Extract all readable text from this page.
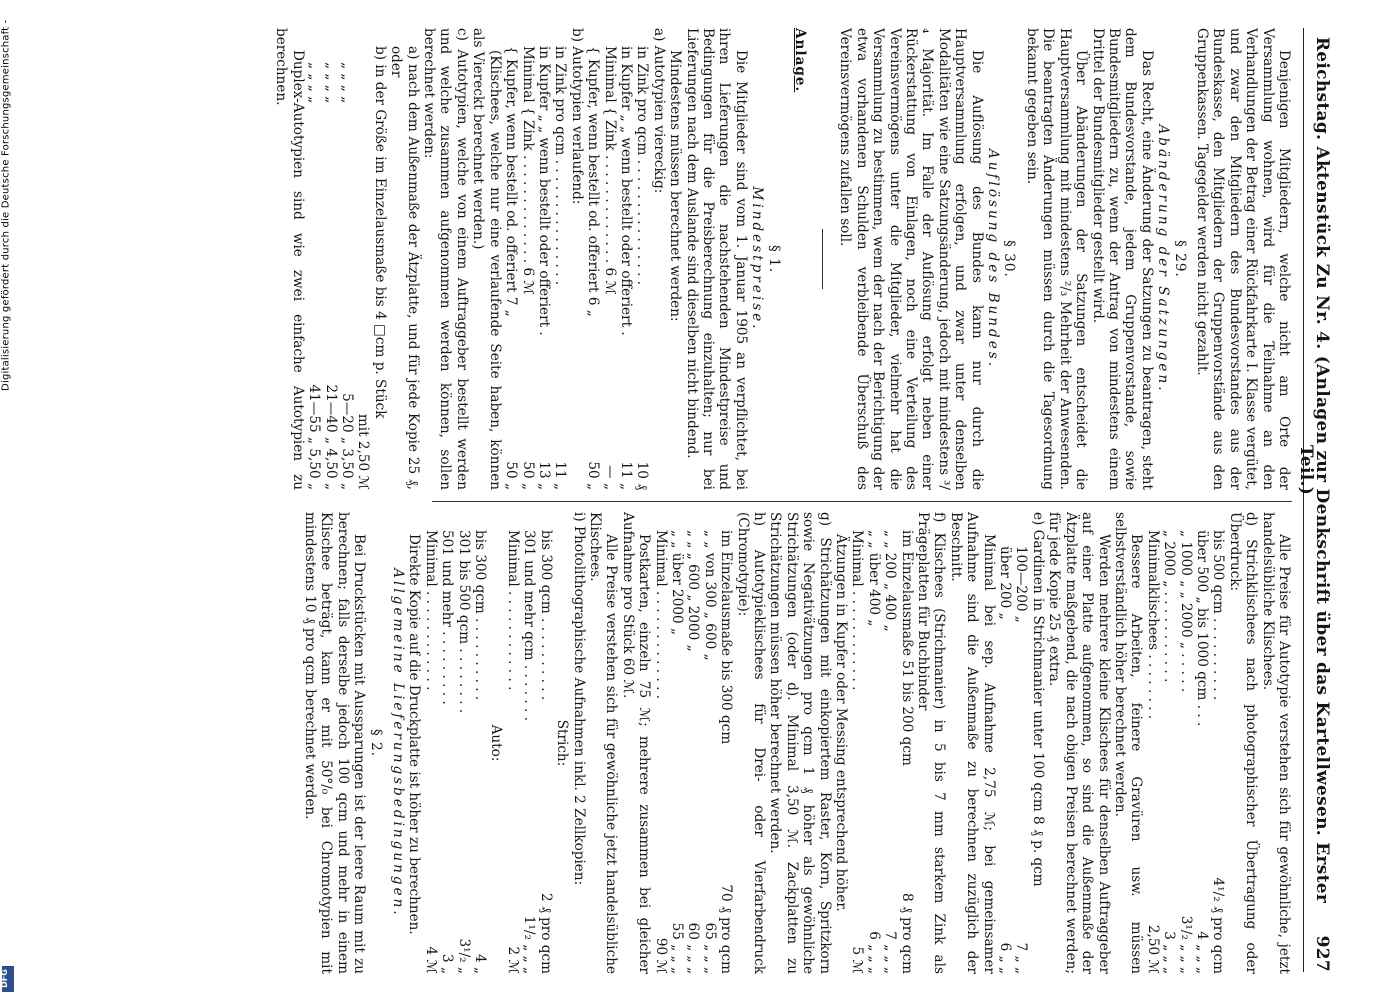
Digitalisierung gefördert durch die Deutsche Forschungsgemeinschaft -
DFG
Reichstag. Aktenstück Zu Nr. 4. (Anlagen zur Denkschrift über das Kartellwesen. Erster Teil.)
927

Denjenigen Mitgliedern, welche nicht am Orte der Versammlung wohnen, wird für die Teilnahme an den Verhandlungen der Betrag einer Rückfahrkarte I. Klasse vergütet, und zwar den Mitgliedern des Bundesvorstandes aus der Bundeskasse, den Mitgliedern der Gruppenvorstände aus den Gruppenkassen. Tagegelder werden nicht gezahlt.

§ 29.

Abänderung der Satzungen.

Das Recht, eine Änderung der Satzungen zu beantragen, steht dem Bundesvorstande, jedem Gruppenvorstande, sowie Bundesmitgliedern zu, wenn der Antrag von mindestens einem Drittel der Bundesmitglieder gestellt wird.

Über Abänderungen der Satzungen entscheidet die Hauptversammlung mit mindestens ²/₃ Mehrheit der Anwesenden. Die beantragten Änderungen müssen durch die Tagesordnung bekannt gegeben sein.

§ 30.

Auflösung des Bundes.

Die Auflösung des Bundes kann nur durch die Hauptversammlung erfolgen, und zwar unter denselben Modalitäten wie eine Satzungsänderung, jedoch mit mindestens ³/₄ Majorität. Im Falle der Auflösung erfolgt neben einer Rückerstattung von Einlagen, noch eine Verteilung des Vereinsvermögens unter die Mitglieder, vielmehr hat die Versammlung zu bestimmen, wem der nach der Berichtigung der etwa vorhandenen Schulden verbleibende Überschuß des Vereinsvermögens zufallen soll.

Anlage.

§ 1.

Mindestpreise.

Die Mitglieder sind vom 1. Januar 1905 an verpflichtet, bei ihren Lieferungen die nachstehenden Mindestpreise und Bedingungen für die Preisberechnung einzuhalten; nur bei Lieferungen nach dem Auslande sind dieselben nicht bindend.

Mindestens müssen berechnet werden:

a) Autotypien viereckig:

in Zink pro qcm . . . . . . . . . . . . . . .
10 ₰
in Kupfer „ „ wenn bestellt oder offeriert .
11 „
Minimal { Zink . . . . . . . . . . . . . 6 ℳ
— „
{ Kupfer, wenn bestellt od. offeriert 6 „
50 „

b) Autotypien verlaufend:

in Zink pro qcm . . . . . . . . . . . . . . .
11 „
in Kupfer „ „ wenn bestellt oder offeriert .
13 „
Minimal { Zink . . . . . . . . . . . . . 6 ℳ
50 „
{ Kupfer, wenn bestellt od. offeriert 7 „
50 „

(Klischees, welche nur eine verlaufende Seite haben, können als Viereckt berechnet werden.)

c) Autotypien, welche von einem Auftraggeber bestellt werden und welche zusammen aufgenommen werden können, sollen berechnet werden:

a) nach dem Außenmaße der Ätzplatte, und für jede Kopie 25 ₰, oder

b) in der Größe im Einzelausmaße bis 4 □cm p. Stück

mit 2,50 ℳ
„ „ „ „
5—20 „ 3,50 „
„ „ „ „
21—40 „ 4,50 „
„ „ „ „
41—55 „ 5,50 „

Duplex-Autotypien sind wie zwei einfache Autotypien zu berechnen.

Alle Preise für Autotypie verstehen sich für gewöhnliche, jetzt handelsübliche Klischees.

d) Strichklischees nach photographischer Übertragung oder Überdruck:

bis 500 qcm . . . . . . . . . .
4¹/₂ ₰ pro qcm
über 500 „ bis 1000 qcm . . .
4 „ „ „
„ 1000 „ „ 2000 „ . . . . .
3¹/₂ „ „ „
„ 2000 „ . . . . . . . . . . .
3 „ „ „
Minimalklischees . . . . . . . .
2,50 ℳ

Bessere Arbeiten, feinere Gravüren usw. müssen selbstverständlich höher berechnet werden.

Werden mehrere kleine Klischees für denselben Auftraggeber auf einer Platte aufgenommen, so sind die Außenmaße der Ätzplatte maßgebend, die nach obigen Preisen berechnet werden; für jede Kopie 25 ₰ extra.

e) Gardinen in Strichmanier unter 100 qcm 8 ₰ p. qcm

100—200 „
7 „ „
über 200 „
6 „ „

Minimal bei sep. Aufnahme 2,75 ℳ; bei gemeinsamer Aufnahme sind die Außenmaße zu berechnen zuzüglich der Beschnitt.

f) Klischees (Strichmanier) in 5 bis 7 mm starkem Zink als Prägeplatten für Buchbinder

im Einzelausmaße 51 bis 200 qcm
8 ₰ pro qcm
„ „ 200 „ 400 „
7 „ „ „
„ „ über 400 „
6 „ „ „
Minimal . . . . . . . . . . . .
5 ℳ

Ätzungen in Kupfer oder Messing entsprechend höher.

g) Strichätzungen mit einkopiertem Raster, Korn, Spritzkorn sowie Negativätzungen pro qcm 1 ₰ höher als gewöhnliche Strichätzungen (oder d). Minimal 3,50 ℳ. Zackplatten zu Strichätzungen müssen höher berechnet werden.

h) Autotypieklischees für Drei- oder Vierfarbendruck (Chromotypie):

im Einzelausmaße bis 300 qcm
70 ₰ pro qcm
„ „ von 300 „ 600 „
65 „ „ „
„ „ „ 600 „ 2000 „
60 „ „ „
„ „ über 2000 „
55 „ „ „
Minimal . . . . . . . . . . . . .
90 ℳ

Postkarten, einzeln 75 ℳ; mehrere zusammen bei gleicher Aufnahme pro Stück 60 ℳ.

Alle Preise verstehen sich für gewöhnliche jetzt handelsübliche Klischees.

i) Photolithographische Aufnahmen inkl. 2 Zellkopien:

Strich:

bis 300 qcm . . . . . . . . . .
2 ₰ pro qcm
301 und mehr qcm . . . . . . .
1¹/₂ „ „ „
Minimal . . . . . . . . . . . .
2 ℳ

Auto:

bis 300 qcm . . . . . . . . . .
4 „
301 bis 500 qcm . . . . . . . .
3¹/₂ „
501 und mehr . . . . . . . . .
3 „
Minimal . . . . . . . . . . . .
4 ℳ

Direkte Kopie auf die Druckplatte ist höher zu berechnen.

Allgemeine Lieferungsbedingungen.

§ 2.

Bei Druckstücken mit Aussparungen ist der leere Raum mit zu berechnen; falls derselbe jedoch 100 qcm und mehr in einem Klischee beträgt, kann er mit 50°/₀ bei Chromotypien mit mindestens 10 ₰ pro qcm berechnet werden.
